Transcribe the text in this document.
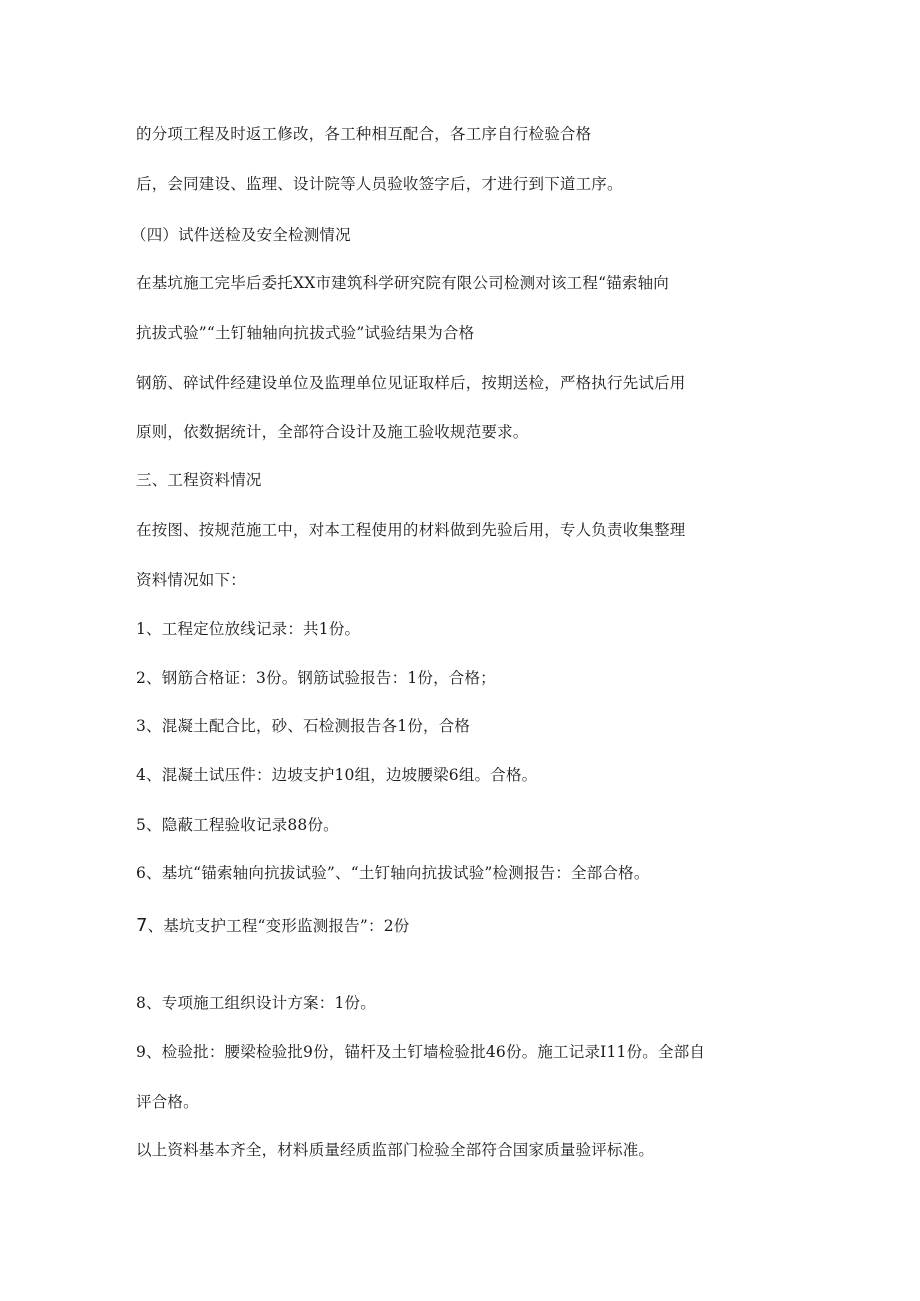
的分项工程及时返工修改，各工种相互配合，各工序自行检验合格
后，会同建设、监理、设计院等人员验收签字后，才进行到下道工序。
（四）试件送检及安全检测情况
在基坑施工完毕后委托XX市建筑科学研究院有限公司检测对该工程“锚索轴向
抗拔式验”“土钉轴轴向抗拔式验”试验结果为合格
钢筋、碎试件经建设单位及监理单位见证取样后，按期送检，严格执行先试后用
原则，依数据统计，全部符合设计及施工验收规范要求。
三、工程资料情况
在按图、按规范施工中，对本工程使用的材料做到先验后用，专人负责收集整理
资料情况如下：
1、工程定位放线记录：共1份。
2、钢筋合格证：3份。钢筋试验报告：1份，合格；
3、混凝土配合比，砂、石检测报告各1份，合格
4、混凝土试压件：边坡支护10组，边坡腰梁6组。合格。
5、隐蔽工程验收记录88份。
6、基坑“锚索轴向抗拔试验”、“土钉轴向抗拔试验”检测报告：全部合格。
7、基坑支护工程“变形监测报告”：2份
8、专项施工组织设计方案：1份。
9、检验批：腰梁检验批9份，锚杆及土钉墙检验批46份。施工记录I11份。全部自
评合格。
以上资料基本齐全，材料质量经质监部门检验全部符合国家质量验评标准。
